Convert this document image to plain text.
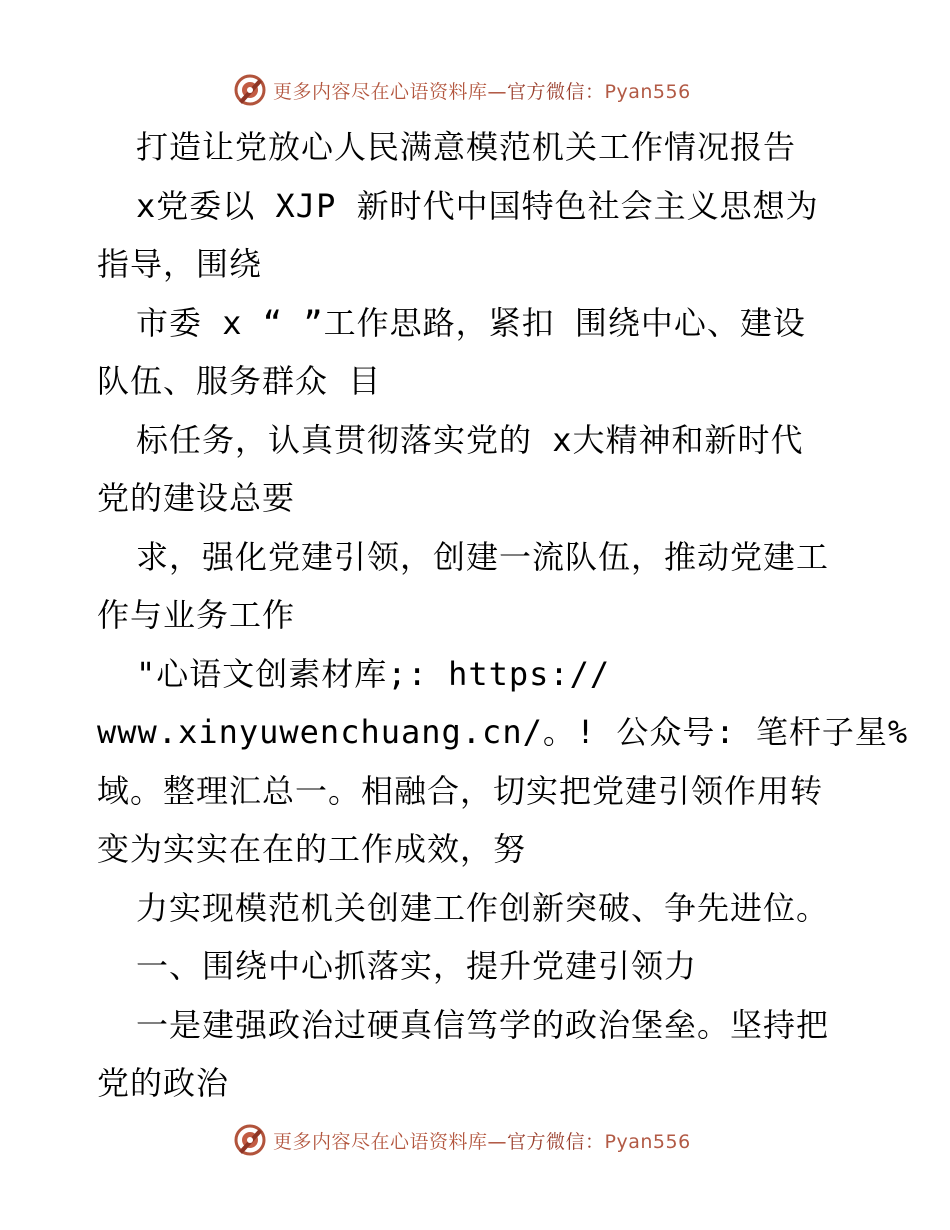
更多内容尽在心语资料库—官方微信：Pyan556
打造让党放心人民满意模范机关工作情况报告
x党委以 XJP 新时代中国特色社会主义思想为
指导，围绕
市委 x “ ”工作思路，紧扣 围绕中心、建设
队伍、服务群众 目
标任务，认真贯彻落实党的 x大精神和新时代
党的建设总要
求，强化党建引领，创建一流队伍，推动党建工
作与业务工作
"心语文创素材库;: https://
www.xinyuwenchuang.cn/。! 公众号: 笔杆子星%
域。整理汇总一。相融合，切实把党建引领作用转
变为实实在在的工作成效，努
力实现模范机关创建工作创新突破、争先进位。
一、围绕中心抓落实，提升党建引领力
一是建强政治过硬真信笃学的政治堡垒。坚持把
党的政治
更多内容尽在心语资料库—官方微信：Pyan556
